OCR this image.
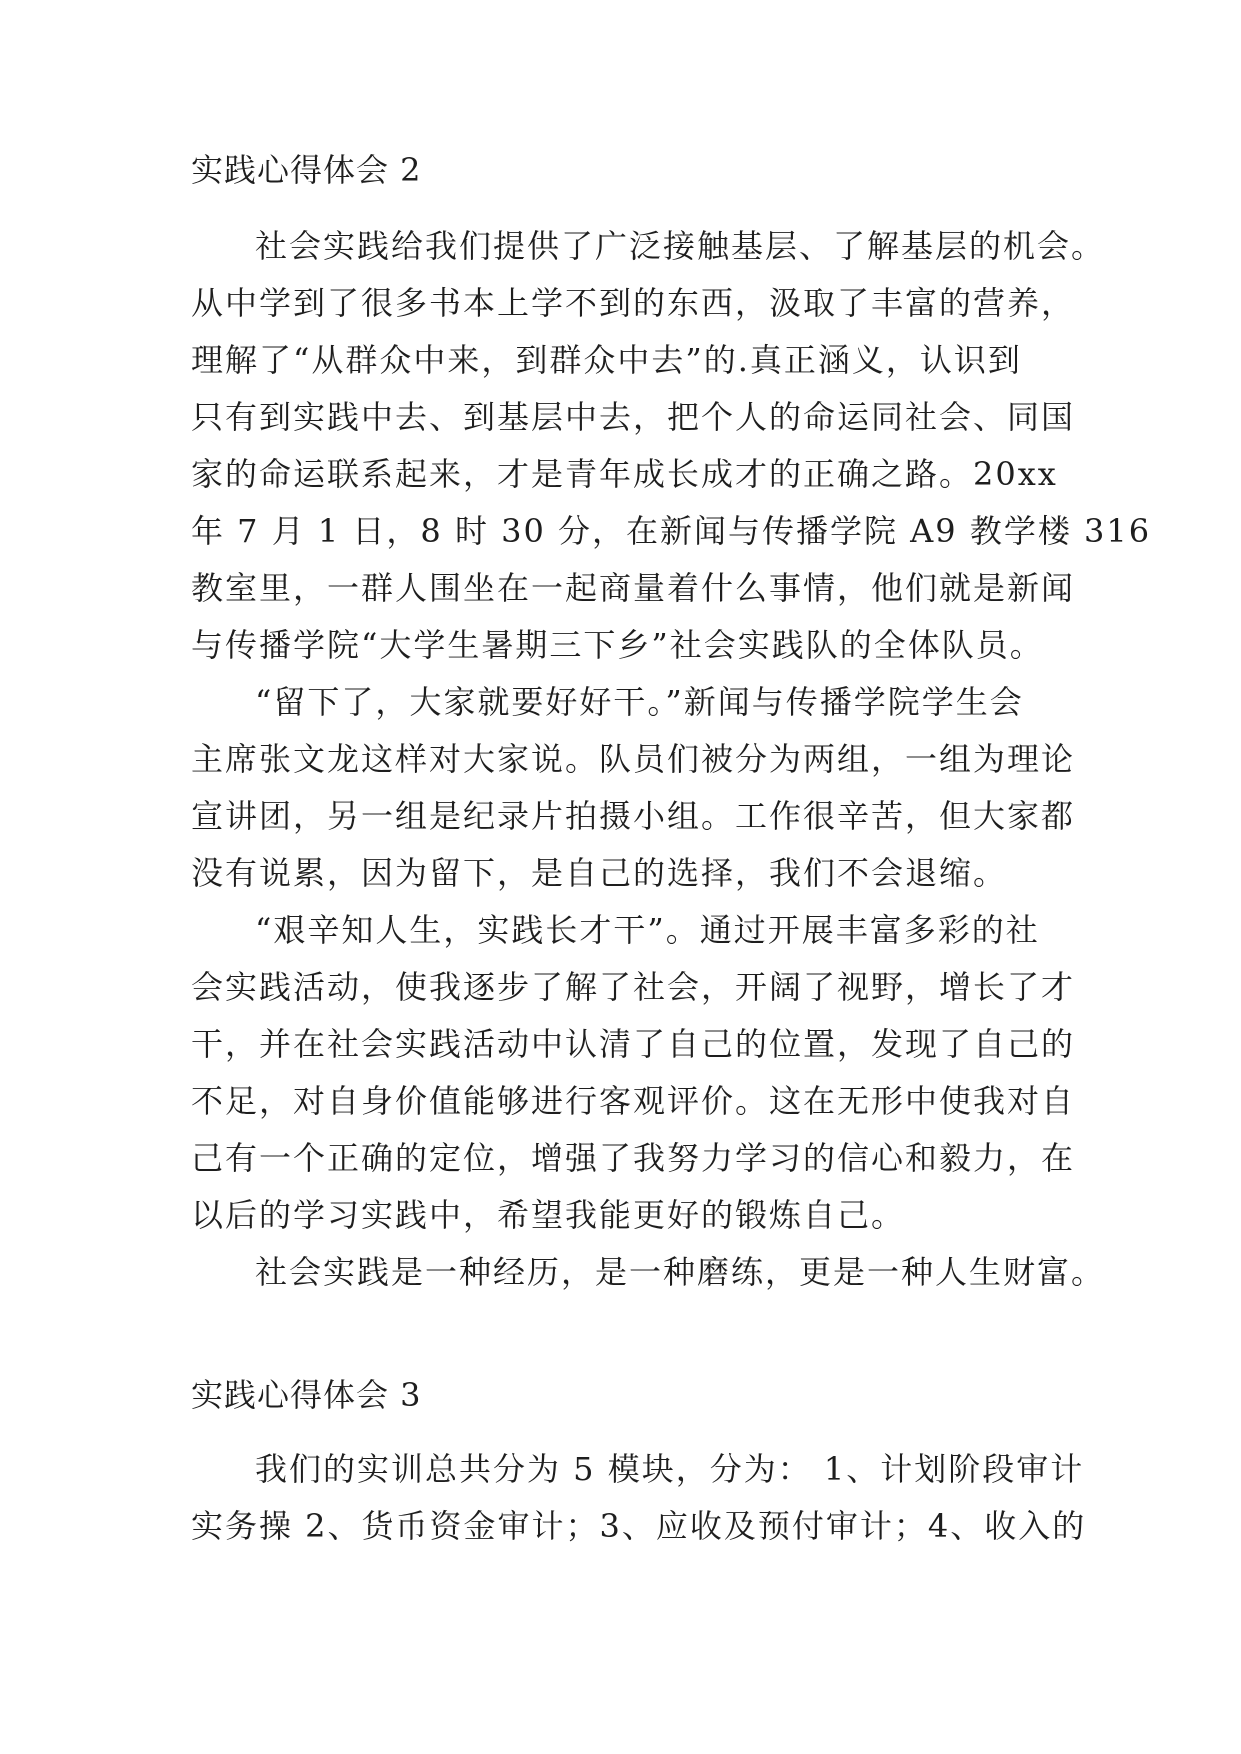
实践心得体会 2
社会实践给我们提供了广泛接触基层、了解基层的机会。
从中学到了很多书本上学不到的东西，汲取了丰富的营养，
理解了“从群众中来，到群众中去”的.真正涵义，认识到
只有到实践中去、到基层中去，把个人的命运同社会、同国
家的命运联系起来，才是青年成长成才的正确之路。20xx
年 7 月 1 日，8 时 30 分，在新闻与传播学院 A9 教学楼 316
教室里，一群人围坐在一起商量着什么事情，他们就是新闻
与传播学院“大学生暑期三下乡”社会实践队的全体队员。
“留下了，大家就要好好干。”新闻与传播学院学生会
主席张文龙这样对大家说。队员们被分为两组，一组为理论
宣讲团，另一组是纪录片拍摄小组。工作很辛苦，但大家都
没有说累，因为留下，是自己的选择，我们不会退缩。
“艰辛知人生，实践长才干”。通过开展丰富多彩的社
会实践活动，使我逐步了解了社会，开阔了视野，增长了才
干，并在社会实践活动中认清了自己的位置，发现了自己的
不足，对自身价值能够进行客观评价。这在无形中使我对自
己有一个正确的定位，增强了我努力学习的信心和毅力，在
以后的学习实践中，希望我能更好的锻炼自己。
社会实践是一种经历，是一种磨练，更是一种人生财富。
实践心得体会 3
我们的实训总共分为 5 模块，分为： 1、计划阶段审计
实务操 2、货币资金审计；3、应收及预付审计；4、收入的
